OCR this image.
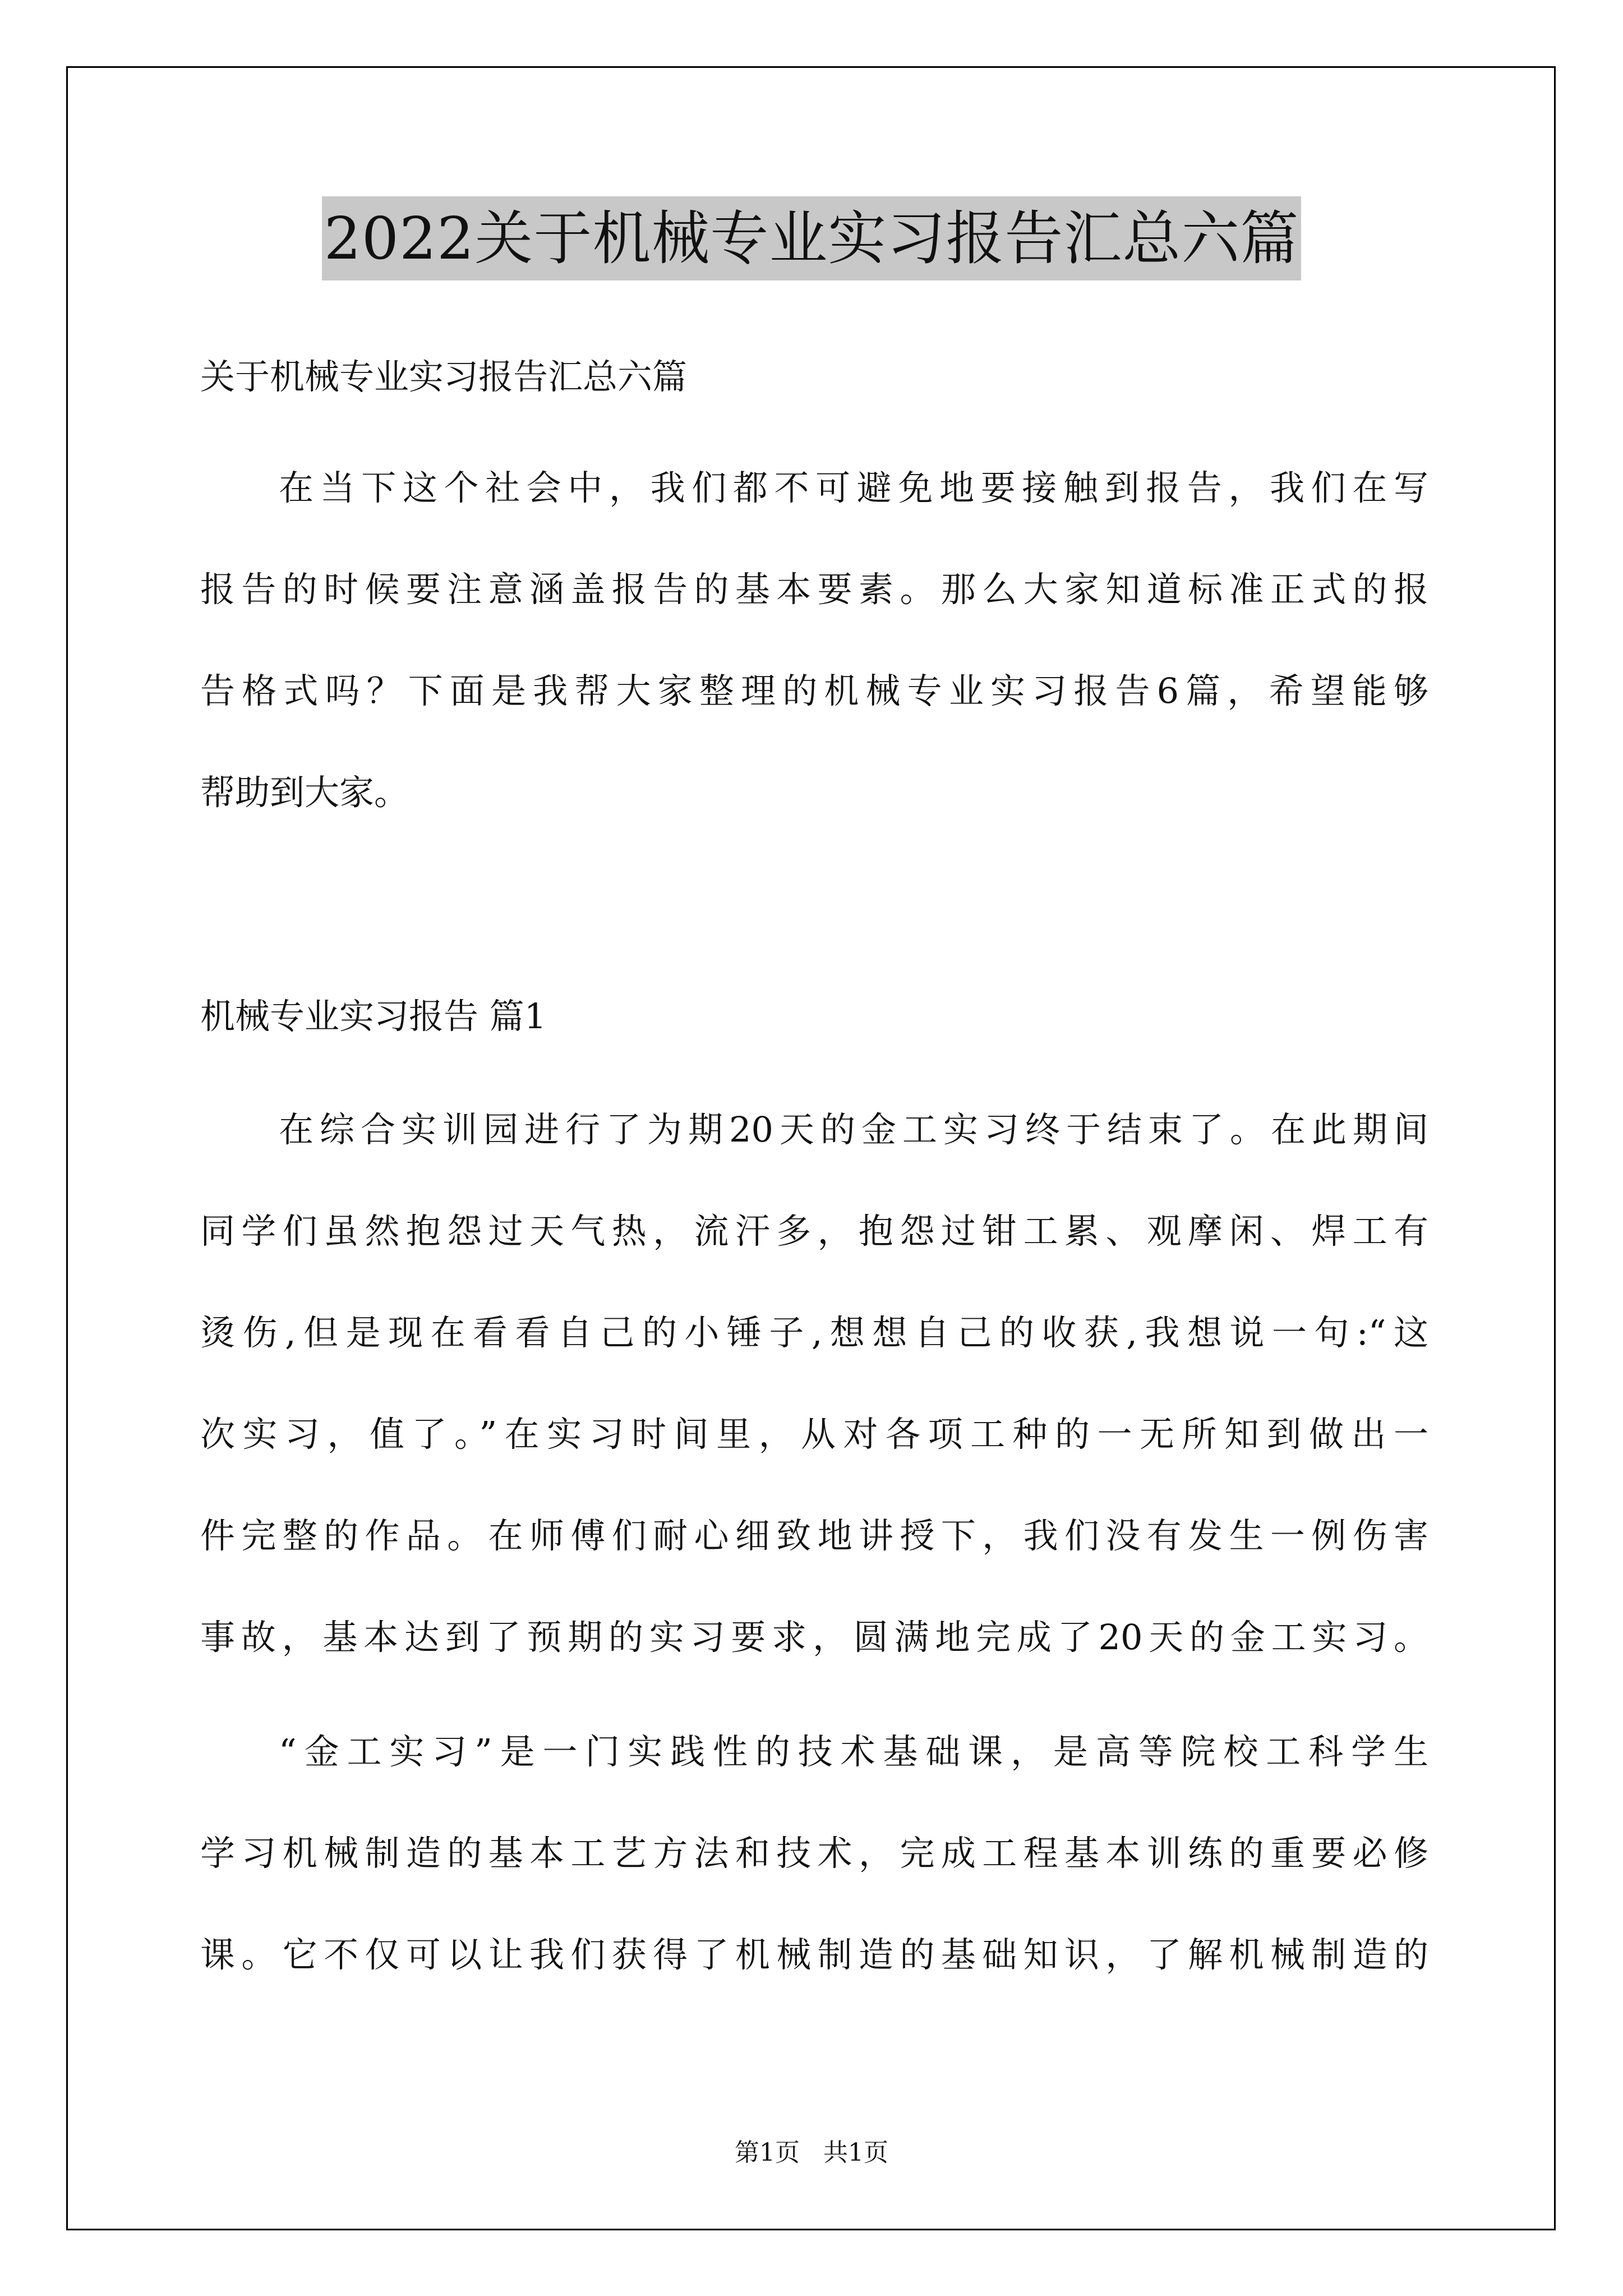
2022关于机械专业实习报告汇总六篇
关于机械专业实习报告汇总六篇
在当下这个社会中，我们都不可避免地要接触到报告，我们在写
报告的时候要注意涵盖报告的基本要素。那么大家知道标准正式的报
告格式吗？下面是我帮大家整理的机械专业实习报告6篇，希望能够
帮助到大家。
机械专业实习报告 篇1
在综合实训园进行了为期20天的金工实习终于结束了。在此期间
同学们虽然抱怨过天气热，流汗多，抱怨过钳工累、观摩闲、焊工有
烫伤,但是现在看看自己的小锤子,想想自己的收获,我想说一句:“这
次实习，值了。”在实习时间里，从对各项工种的一无所知到做出一
件完整的作品。在师傅们耐心细致地讲授下，我们没有发生一例伤害
事故，基本达到了预期的实习要求，圆满地完成了20天的金工实习。
“金工实习”是一门实践性的技术基础课，是高等院校工科学生
学习机械制造的基本工艺方法和技术，完成工程基本训练的重要必修
课。它不仅可以让我们获得了机械制造的基础知识，了解机械制造的
第1页   共1页
